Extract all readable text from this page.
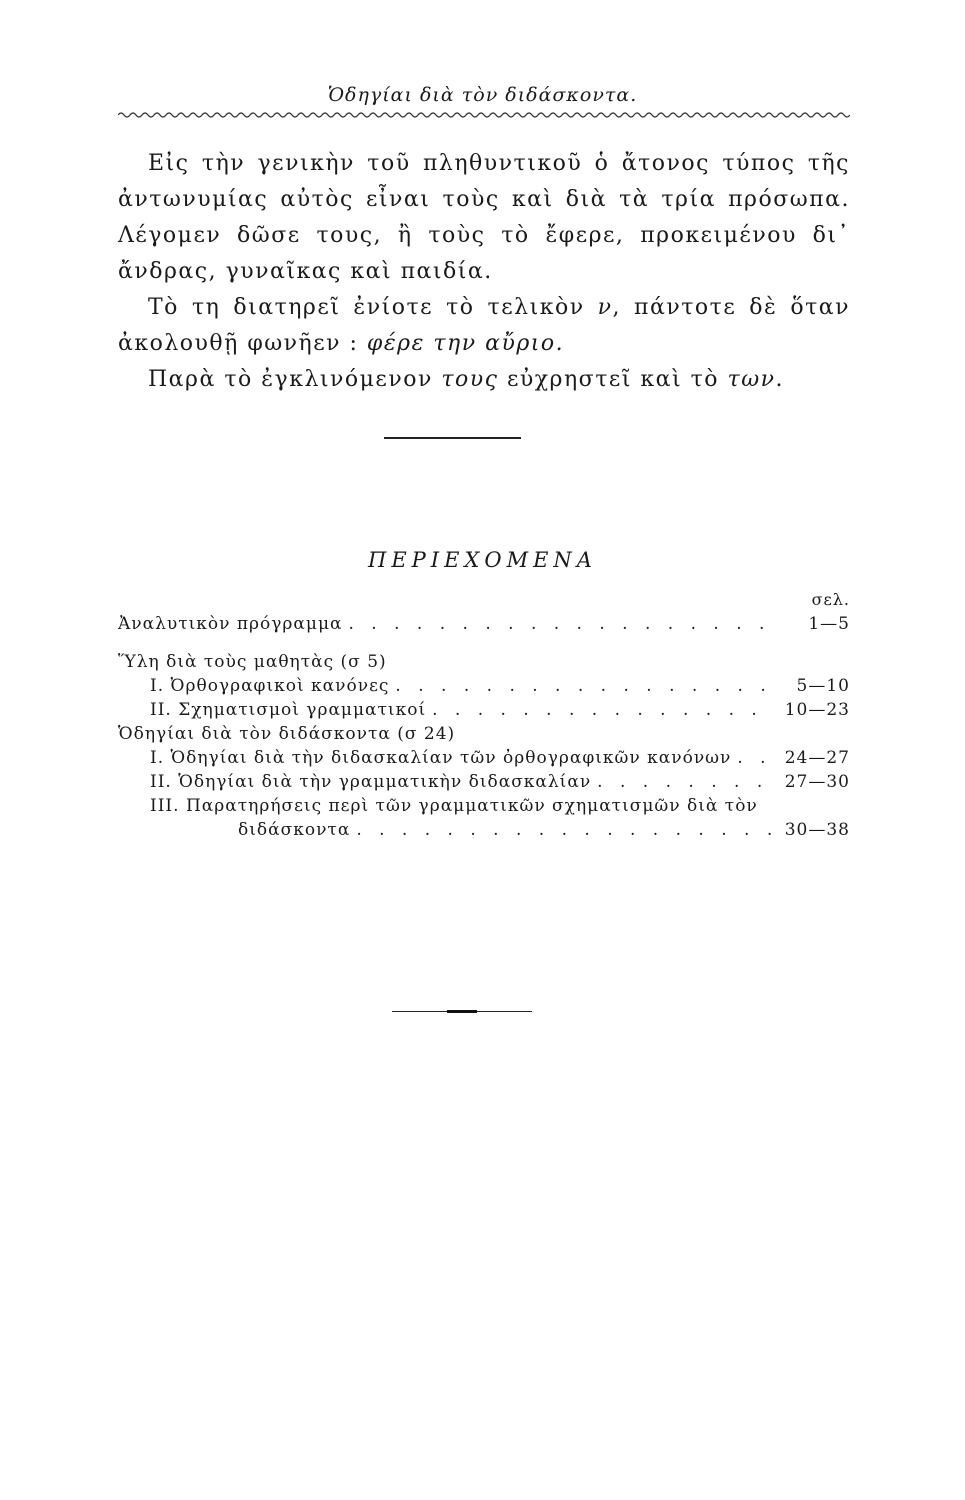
Ὁδηγίαι διὰ τὸν διδάσκοντα.

Εἰς τὴν γενικὴν τοῦ πληθυντικοῦ ὁ ἄτονος τύπος τῆς ἀντωνυμίας αὐτὸς εἶναι τοὺς καὶ διὰ τὰ τρία πρόσωπα. Λέγομεν δῶσε τους, ἢ τοὺς τὸ ἔφερε, προκειμένου δι᾽ ἄνδρας, γυναῖκας καὶ παιδία.

Τὸ τη διατηρεῖ ἐνίοτε τὸ τελικὸν ν, πάντοτε δὲ ὅταν ἀκολουθῇ φωνῆεν : φέρε την αὔριο.

Παρὰ τὸ ἐγκλινόμενον τους εὐχρηστεῖ καὶ τὸ των.

ΠΕΡΙΕΧΟΜΕΝΑ
σελ.
Ἀναλυτικὸν πρόγραμμα . . .	1—5
Ὕλη διὰ τοὺς μαθητὰς (σ 5)
I. Ὀρθογραφικοὶ κανόνες . . .	5—10
II. Σχηματισμοὶ γραμματικοί . . .	10—23
Ὁδηγίαι διὰ τὸν διδάσκοντα (σ 24)
I. Ὁδηγίαι διὰ τὴν διδασκαλίαν τῶν ὀρθογραφικῶν κανόνων . . .	24—27
II. Ὁδηγίαι διὰ τὴν γραμματικὴν διδασκαλίαν . . .	27—30
III. Παρατηρήσεις περὶ τῶν γραμματικῶν σχηματισμῶν διὰ τὸν
διδάσκοντα . . .	30—38
